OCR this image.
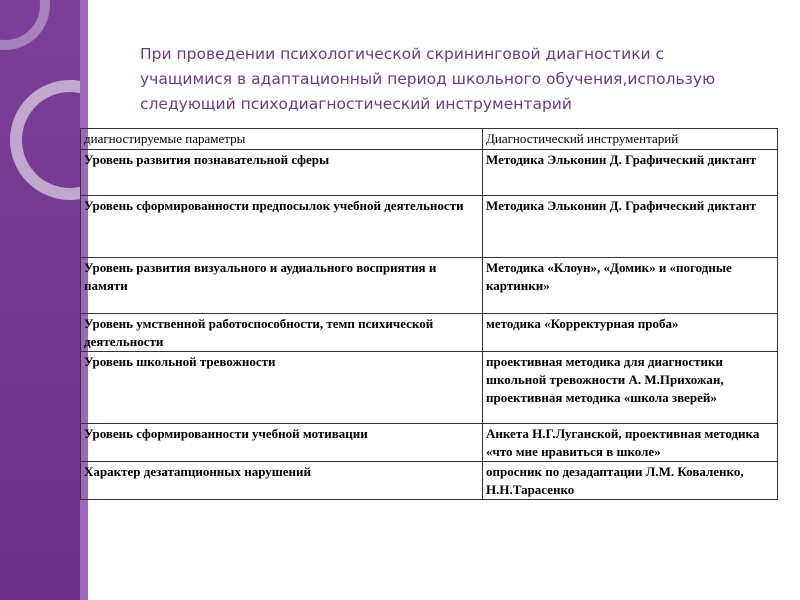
При проведении психологической скрининговой диагностики с учащимися в адаптационный период школьного обучения,использую следующий психодиагностический инструментарий
диагностируемые параметры	Диагностический инструментарий
Уровень развития познавательной сферы	Методика Эльконин Д. Графический диктант
Уровень сформированности предпосылок учебной деятельности	Методика Эльконин Д. Графический диктант
Уровень развития визуального и аудиального восприятия и памяти	Методика «Клоун», «Домик» и «погодные картинки»
Уровень умственной работоспособности, темп психической деятельности	методика «Корректурная проба»
Уровень школьной тревожности	проективная методика для диагностики школьной тревожности А. М.Прихожан, проективная методика «школа зверей»
Уровень сформированности учебной мотивации	Анкета Н.Г.Луганской, проективная методика «что мне нравиться в школе»
Характер дезатапционных нарушений	опросник по дезадаптации Л.М. Коваленко, Н.Н.Тарасенко
